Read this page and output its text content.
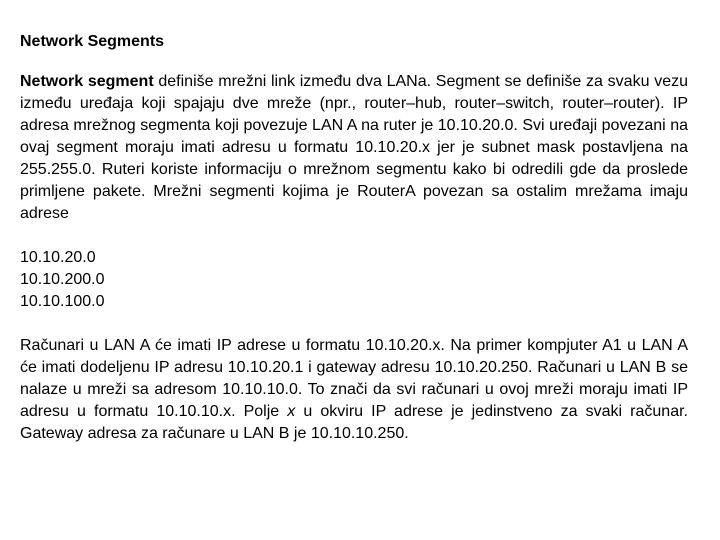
Network Segments

Network segment definiše mrežni link između dva LANa. Segment se definiše za svaku vezu između uređaja koji spajaju dve mreže (npr., router–hub, router–switch, router–router). IP adresa mrežnog segmenta koji povezuje LAN A na ruter je 10.10.20.0. Svi uređaji povezani na ovaj segment moraju imati adresu u formatu 10.10.20.x jer je subnet mask postavljena na 255.255.0. Ruteri koriste informaciju o mrežnom segmentu kako bi odredili gde da proslede primljene pakete. Mrežni segmenti kojima je RouterA povezan sa ostalim mrežama imaju adrese

10.10.20.0
10.10.200.0
10.10.100.0

Računari u LAN A će imati IP adrese u formatu 10.10.20.x. Na primer kompjuter A1 u LAN A će imati dodeljenu IP adresu 10.10.20.1 i gateway adresu 10.10.20.250. Računari u LAN B se nalaze u mreži sa adresom 10.10.10.0. To znači da svi računari u ovoj mreži moraju imati IP adresu u formatu 10.10.10.x. Polje x u okviru IP adrese je jedinstveno za svaki računar. Gateway adresa za računare u LAN B je 10.10.10.250.
